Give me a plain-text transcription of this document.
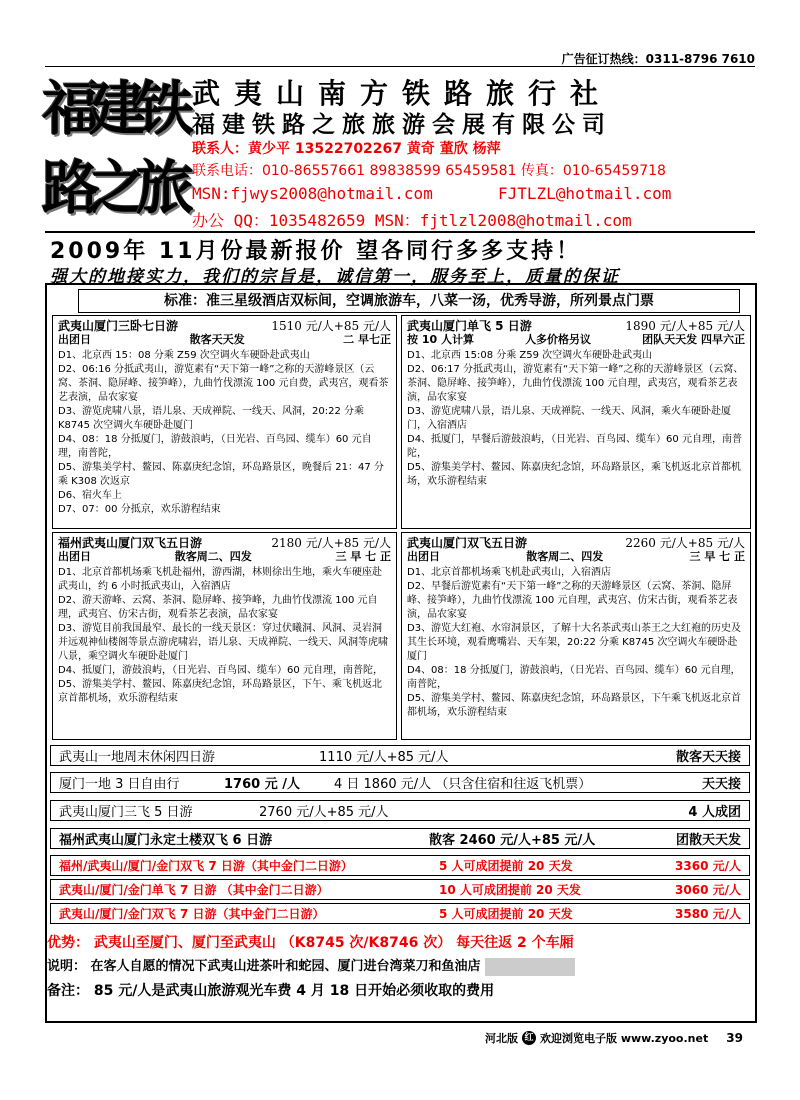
广告征订热线：0311-8796 7610
福
建
铁
路
之
旅
武夷山南方铁路旅行社
福建铁路之旅旅游会展有限公司
联系人：黄少平 13522702267 黄奇 董欣 杨萍
联系电话：010-86557661 89838599 65459581 传真：010-65459718
MSN:fjwys2008@hotmail.com	FJTLZL@hotmail.com
办公 QQ：1035482659 MSN：fjtlzl2008@hotmail.com
2009年 11月份最新报价 望各同行多多支持！
强大的地接实力，我们的宗旨是，诚信第一，服务至上，质量的保证
标准：准三星级酒店双标间，空调旅游车，八菜一汤，优秀导游，所列景点门票
武夷山厦门三卧七日游	1510 元/人+85 元/人
出团日	散客天天发	二 早七正

D1、北京西 15：08 分乘 Z59 次空调火车硬卧赴武夷山

D2、06:16 分抵武夷山，游览素有“天下第一峰”之称的天游峰景区（云窝、茶洞、隐屏峰、接笋峰），九曲竹伐漂流 100 元自费，武夷宫，观看茶艺表演，品农家宴

D3、游览虎啸八景，语儿泉、天成禅院、一线天、风洞，20:22 分乘 K8745 次空调火车硬卧赴厦门

D4、08：18 分抵厦门，游鼓浪屿，（日光岩、百鸟园、缆车）60 元自理，南普陀，

D5、游集美学村、鳌园、陈嘉庚纪念馆，环岛路景区，晚餐后 21：47 分乘 K308 次返京

D6、宿火车上

D7、07：00 分抵京，欢乐游程结束

武夷山厦门单飞 5 日游	1890 元/人+85 元/人
按 10 人计算	人多价格另议	团队天天发 四早六正

D1、北京西 15:08 分乘 Z59 次空调火车硬卧赴武夷山

D2、06:17 分抵武夷山，游览素有“天下第一峰”之称的天游峰景区（云窝、茶洞、隐屏峰、接笋峰），九曲竹伐漂流 100 元自理，武夷宫，观看茶艺表演，品农家宴

D3、游览虎啸八景，语儿泉、天成禅院、一线天、风洞，乘火车硬卧赴厦门，入宿酒店

D4、抵厦门，早餐后游鼓浪屿，（日光岩、百鸟园、缆车）60 元自理，南普陀，

D5、游集美学村、鳌园、陈嘉庚纪念馆，环岛路景区，乘飞机返北京首都机场，欢乐游程结束

福州武夷山厦门双飞五日游	2180 元/人+85 元/人
出团日	散客周二、四发	三 早 七 正

D1、北京首都机场乘飞机赴福州，游西湖，林则徐出生地，乘火车硬座赴武夷山，约 6 小时抵武夷山，入宿酒店

D2、游天游峰、云窝、茶洞、隐屏峰、接笋峰，九曲竹伐漂流 100 元自理，武夷宫、仿宋古街，观看茶艺表演，品农家宴

D3、游览目前我国最窄、最长的一线天景区：穿过伏曦洞、风洞、灵岩洞并远观神仙楼阁等景点游虎啸岩，语儿泉、天成禅院、一线天、风洞等虎啸八景，乘空调火车硬卧赴厦门

D4、抵厦门，游鼓浪屿，（日光岩、百鸟园、缆车）60 元自理，南普陀，

D5、游集美学村、鳌园、陈嘉庚纪念馆，环岛路景区，下午、乘飞机返北京首都机场，欢乐游程结束

武夷山厦门双飞五日游	2260 元/人+85 元/人
出团日	散客周二、四发	三 早 七 正

D1、北京首都机场乘飞机赴武夷山，入宿酒店

D2、早餐后游览素有“天下第一峰”之称的天游峰景区（云窝、茶洞、隐屏峰、接笋峰），九曲竹伐漂流 100 元自理，武夷宫、仿宋古街，观看茶艺表演，品农家宴

D3、游览大红袍、水帘洞景区，了解十大名茶武夷山茶王之大红袍的历史及其生长环境，观看鹰嘴岩、天车架，20:22 分乘 K8745 次空调火车硬卧赴厦门

D4、08：18 分抵厦门，游鼓浪屿，（日光岩、百鸟园、缆车）60 元自理，南普陀，

D5、游集美学村、鳌园、陈嘉庚纪念馆，环岛路景区，下午乘飞机返北京首都机场，欢乐游程结束

武夷山一地周末休闲四日游	1110 元/人+85 元/人	散客天天接
厦门一地 3 日自由行	1760 元 /人	4 日 1860 元/人 （只含住宿和往返飞机票）	天天接
武夷山厦门三飞 5 日游	2760 元/人+85 元/人	4 人成团
福州武夷山厦门永定土楼双飞 6 日游	散客 2460 元/人+85 元/人	团散天天发
福州/武夷山/厦门/金门双飞 7 日游（其中金门二日游）	5 人可成团提前 20 天发	3360 元/人
武夷山/厦门/金门单飞 7 日游 （其中金门二日游）	10 人可成团提前 20 天发	3060 元/人
武夷山/厦门/金门双飞 7 日游（其中金门二日游）	5 人可成团提前 20 天发	3580 元/人
优势： 武夷山至厦门、厦门至武夷山 （K8745 次/K8746 次） 每天往返 2 个车厢
说明： 在客人自愿的情况下武夷山进茶叶和蛇园、厦门进台湾菜刀和鱼油店
备注： 85 元/人是武夷山旅游观光车费 4 月 18 日开始必须收取的费用
河北版 红 欢迎浏览电子版 www.zyoo.net 39
